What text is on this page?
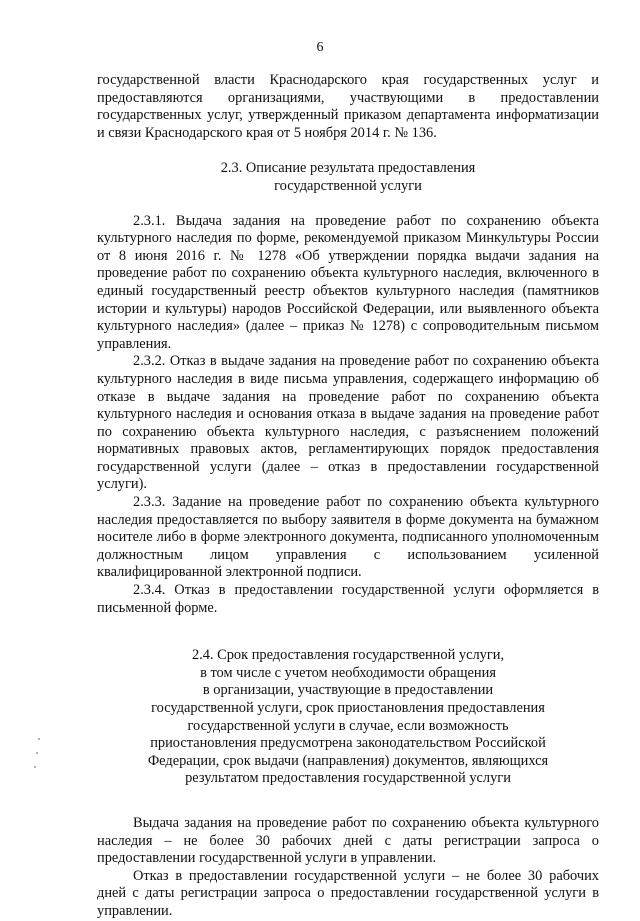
6

государственной власти Краснодарского края государственных услуг и предоставляются организациями, участвующими в предоставлении государственных услуг, утвержденный приказом департамента информатизации и связи Краснодарского края от 5 ноября 2014 г. № 136.

2.3. Описание результата предоставления

государственной услуги

2.3.1. Выдача задания на проведение работ по сохранению объекта культурного наследия по форме, рекомендуемой приказом Минкультуры России от 8 июня 2016 г. № 1278 «Об утверждении порядка выдачи задания на проведение работ по сохранению объекта культурного наследия, включенного в единый государственный реестр объектов культурного наследия (памятников истории и культуры) народов Российской Федерации, или выявленного объекта культурного наследия» (далее – приказ № 1278) с сопроводительным письмом управления.

2.3.2. Отказ в выдаче задания на проведение работ по сохранению объекта культурного наследия в виде письма управления, содержащего информацию об отказе в выдаче задания на проведение работ по сохранению объекта культурного наследия и основания отказа в выдаче задания на проведение работ по сохранению объекта культурного наследия, с разъяснением положений нормативных правовых актов, регламентирующих порядок предоставления государственной услуги (далее – отказ в предоставлении государственной услуги).

2.3.3. Задание на проведение работ по сохранению объекта культурного наследия предоставляется по выбору заявителя в форме документа на бумажном носителе либо в форме электронного документа, подписанного уполномоченным должностным лицом управления с использованием усиленной квалифицированной электронной подписи.

2.3.4. Отказ в предоставлении государственной услуги оформляется в письменной форме.

2.4. Срок предоставления государственной услуги,

в том числе с учетом необходимости обращения

в организации, участвующие в предоставлении

государственной услуги, срок приостановления предоставления

государственной услуги в случае, если возможность

приостановления предусмотрена законодательством Российской

Федерации, срок выдачи (направления) документов, являющихся

результатом предоставления государственной услуги

Выдача задания на проведение работ по сохранению объекта культурного наследия – не более 30 рабочих дней с даты регистрации запроса о предоставлении государственной услуги в управлении.

Отказ в предоставлении государственной услуги – не более 30 рабочих дней с даты регистрации запроса о предоставлении государственной услуги в управлении.
